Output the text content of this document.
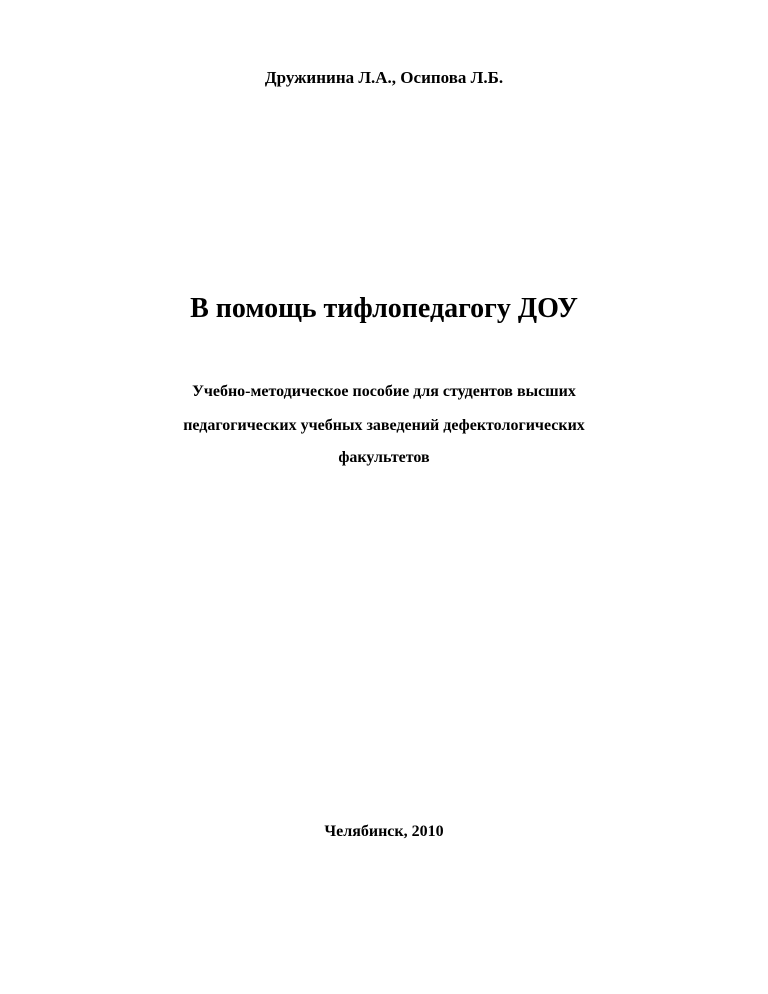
Дружинина Л.А., Осипова Л.Б.
В помощь тифлопедагогу ДОУ
Учебно-методическое пособие для студентов высших
педагогических учебных заведений дефектологических
факультетов
Челябинск, 2010
